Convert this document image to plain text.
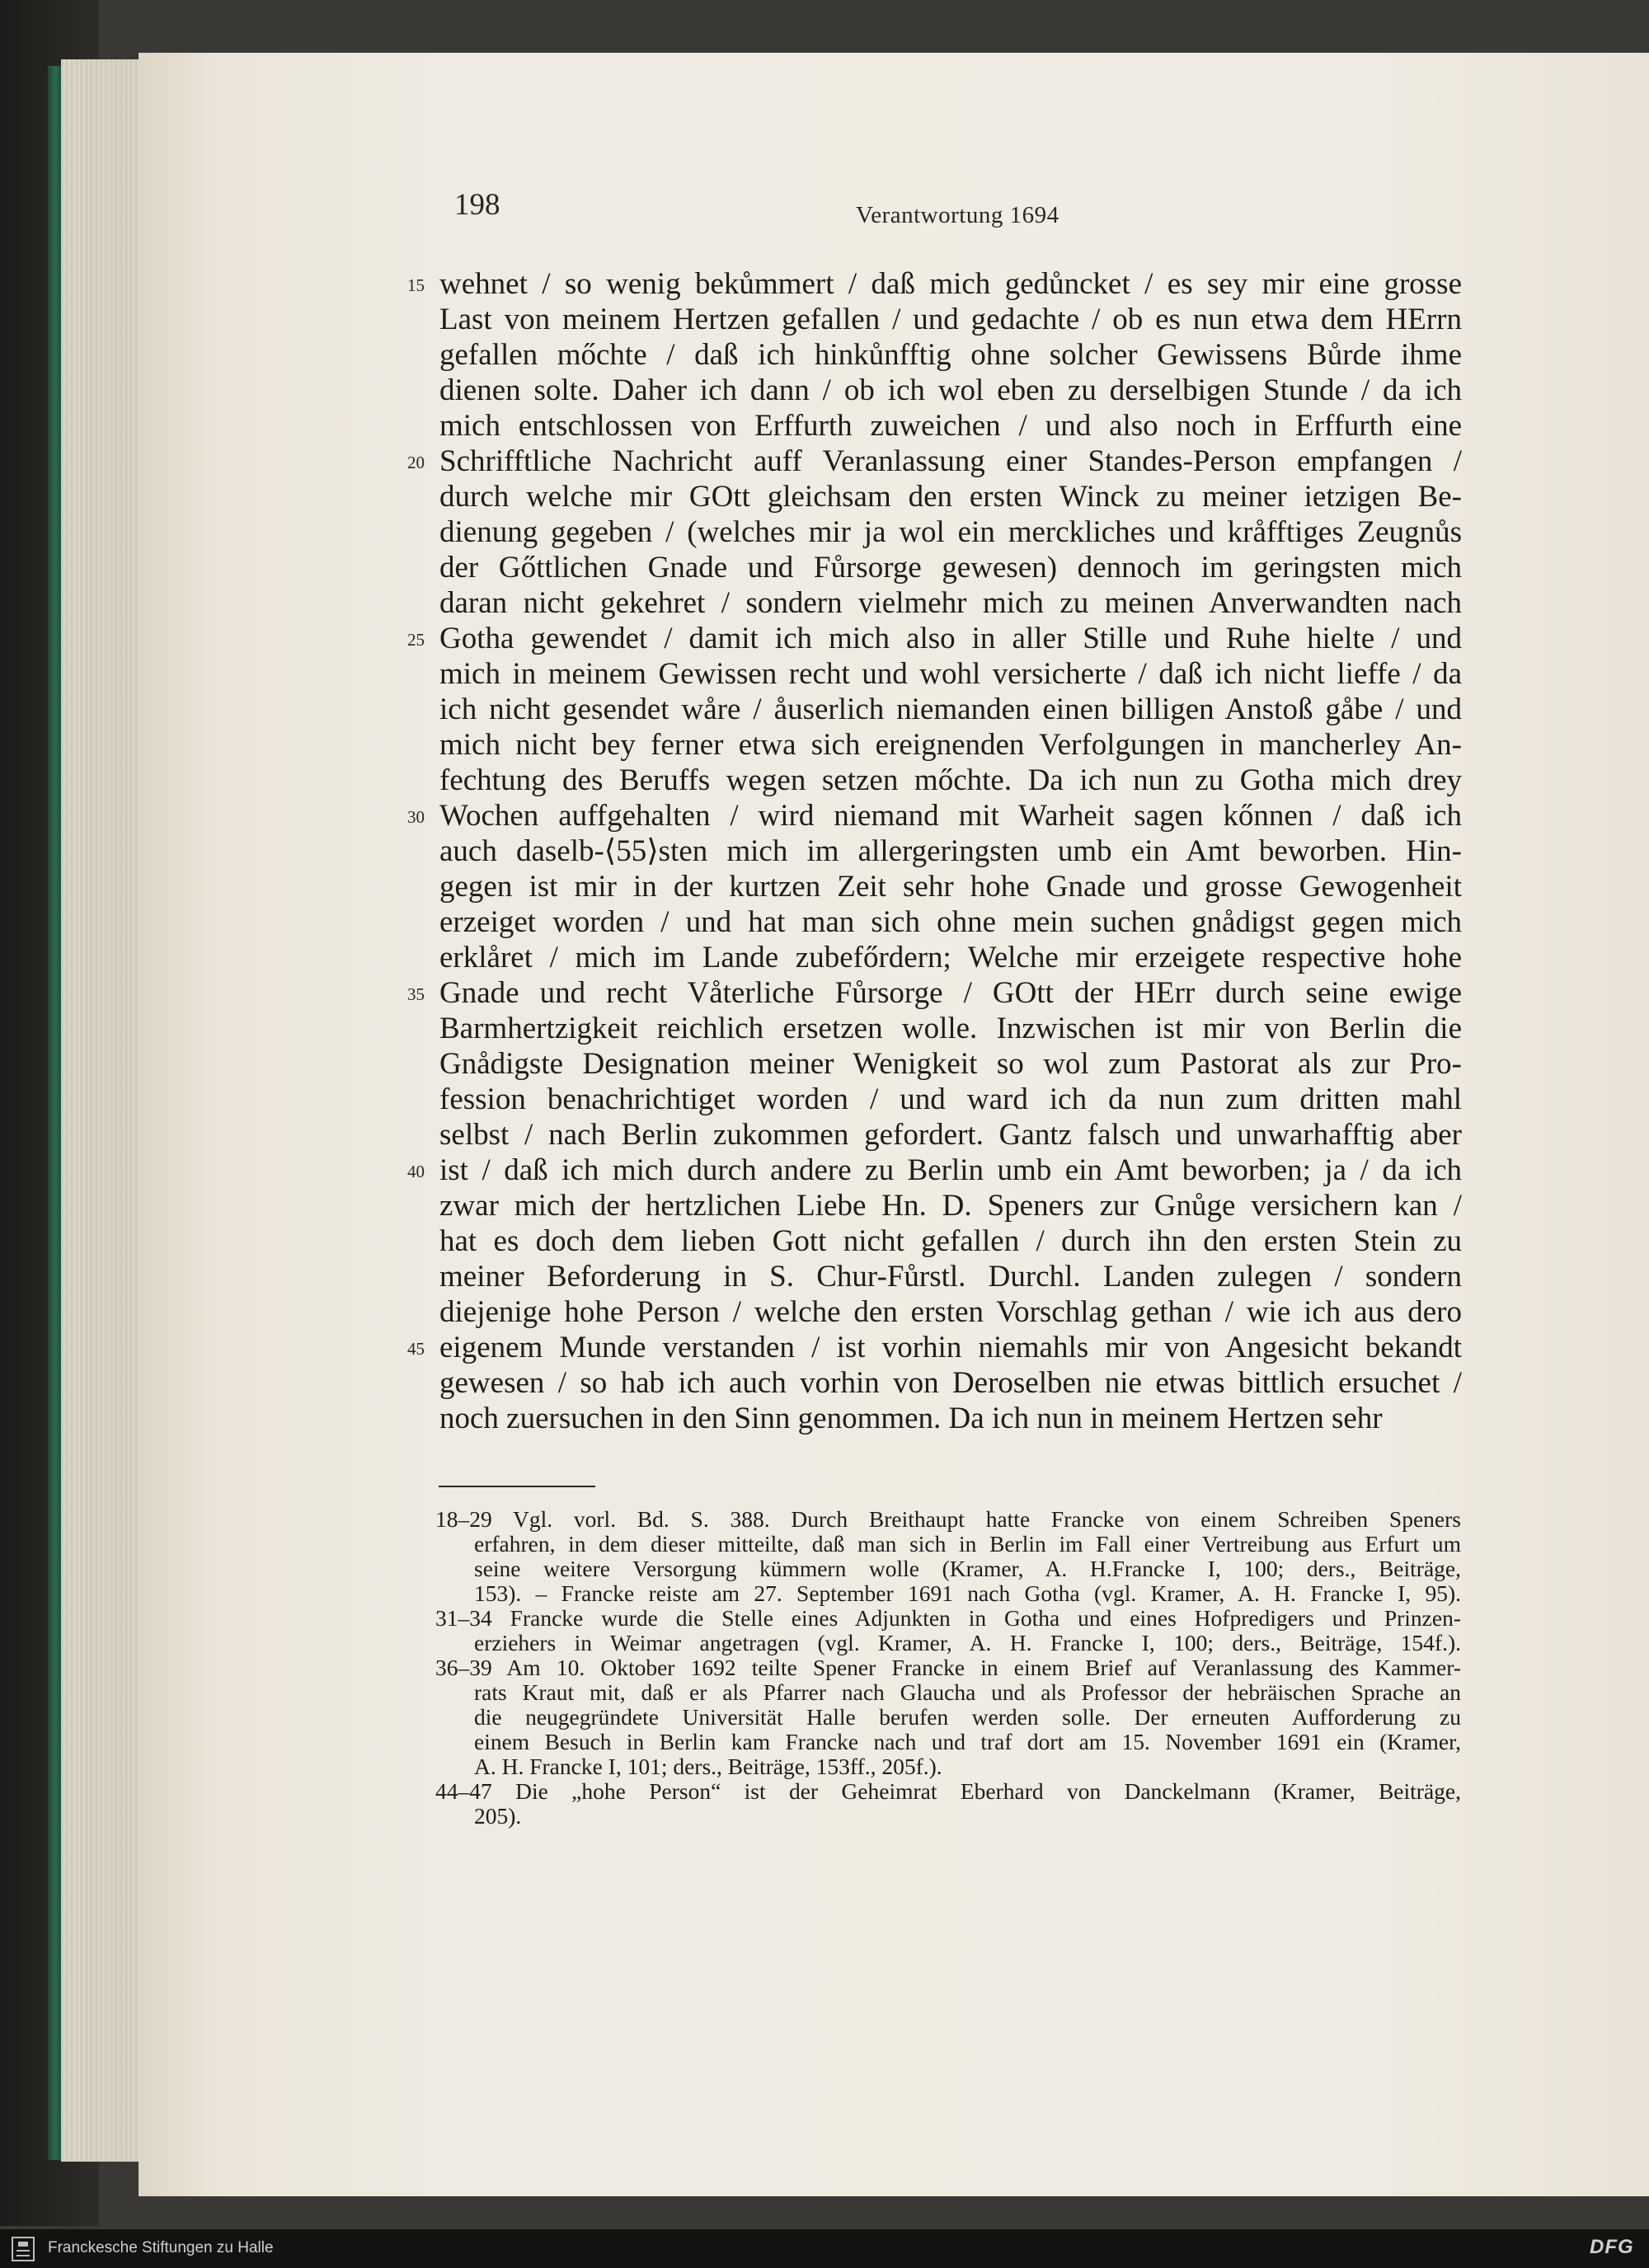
198	Verantwortung 1694
wehnet / so wenig bekůmmert / daß mich gedůncket / es sey mir eine grosse
Last von meinem Hertzen gefallen / und gedachte / ob es nun etwa dem HErrn
gefallen mőchte / daß ich hinkůnfftig ohne solcher Gewissens Bůrde ihme
dienen solte. Daher ich dann / ob ich wol eben zu derselbigen Stunde / da ich
mich entschlossen von Erffurth zuweichen / und also noch in Erffurth eine
Schrifftliche Nachricht auff Veranlassung einer Standes-Person empfangen /
durch welche mir GOtt gleichsam den ersten Winck zu meiner ietzigen Be-
dienung gegeben / (welches mir ja wol ein merckliches und kråfftiges Zeugnůs
der Gőttlichen Gnade und Fůrsorge gewesen) dennoch im geringsten mich
daran nicht gekehret / sondern vielmehr mich zu meinen Anverwandten nach
Gotha gewendet / damit ich mich also in aller Stille und Ruhe hielte / und
mich in meinem Gewissen recht und wohl versicherte / daß ich nicht lieffe / da
ich nicht gesendet wåre / åuserlich niemanden einen billigen Anstoß gåbe / und
mich nicht bey ferner etwa sich ereignenden Verfolgungen in mancherley An-
fechtung des Beruffs wegen setzen mőchte. Da ich nun zu Gotha mich drey
Wochen auffgehalten / wird niemand mit Warheit sagen kőnnen / daß ich
auch daselb-⟨55⟩sten mich im allergeringsten umb ein Amt beworben. Hin-
gegen ist mir in der kurtzen Zeit sehr hohe Gnade und grosse Gewogenheit
erzeiget worden / und hat man sich ohne mein suchen gnådigst gegen mich
erklåret / mich im Lande zubefőrdern; Welche mir erzeigete respective hohe
Gnade und recht Våterliche Fůrsorge / GOtt der HErr durch seine ewige
Barmhertzigkeit reichlich ersetzen wolle. Inzwischen ist mir von Berlin die
Gnådigste Designation meiner Wenigkeit so wol zum Pastorat als zur Pro-
fession benachrichtiget worden / und ward ich da nun zum dritten mahl
selbst / nach Berlin zukommen gefordert. Gantz falsch und unwarhafftig aber
ist / daß ich mich durch andere zu Berlin umb ein Amt beworben; ja / da ich
zwar mich der hertzlichen Liebe Hn. D. Speners zur Gnůge versichern kan /
hat es doch dem lieben Gott nicht gefallen / durch ihn den ersten Stein zu
meiner Beforderung in S. Chur-Fůrstl. Durchl. Landen zulegen / sondern
diejenige hohe Person / welche den ersten Vorschlag gethan / wie ich aus dero
eigenem Munde verstanden / ist vorhin niemahls mir von Angesicht bekandt
gewesen / so hab ich auch vorhin von Deroselben nie etwas bittlich ersuchet /
noch zuersuchen in den Sinn genommen. Da ich nun in meinem Hertzen sehr
15
20
25
30
35
40
45
18–29 Vgl. vorl. Bd. S. 388. Durch Breithaupt hatte Francke von einem Schreiben Speners
erfahren, in dem dieser mitteilte, daß man sich in Berlin im Fall einer Vertreibung aus Erfurt um
seine weitere Versorgung kümmern wolle (Kramer, A. H.Francke I, 100; ders., Beiträge,
153). – Francke reiste am 27. September 1691 nach Gotha (vgl. Kramer, A. H. Francke I, 95).
31–34 Francke wurde die Stelle eines Adjunkten in Gotha und eines Hofpredigers und Prinzen-
erziehers in Weimar angetragen (vgl. Kramer, A. H. Francke I, 100; ders., Beiträge, 154f.).
36–39 Am 10. Oktober 1692 teilte Spener Francke in einem Brief auf Veranlassung des Kammer-
rats Kraut mit, daß er als Pfarrer nach Glaucha und als Professor der hebräischen Sprache an
die neugegründete Universität Halle berufen werden solle. Der erneuten Aufforderung zu
einem Besuch in Berlin kam Francke nach und traf dort am 15. November 1691 ein (Kramer,
A. H. Francke I, 101; ders., Beiträge, 153ff., 205f.).
44–47 Die „hohe Person“ ist der Geheimrat Eberhard von Danckelmann (Kramer, Beiträge,
205).
Franckesche Stiftungen zu Halle	DFG
